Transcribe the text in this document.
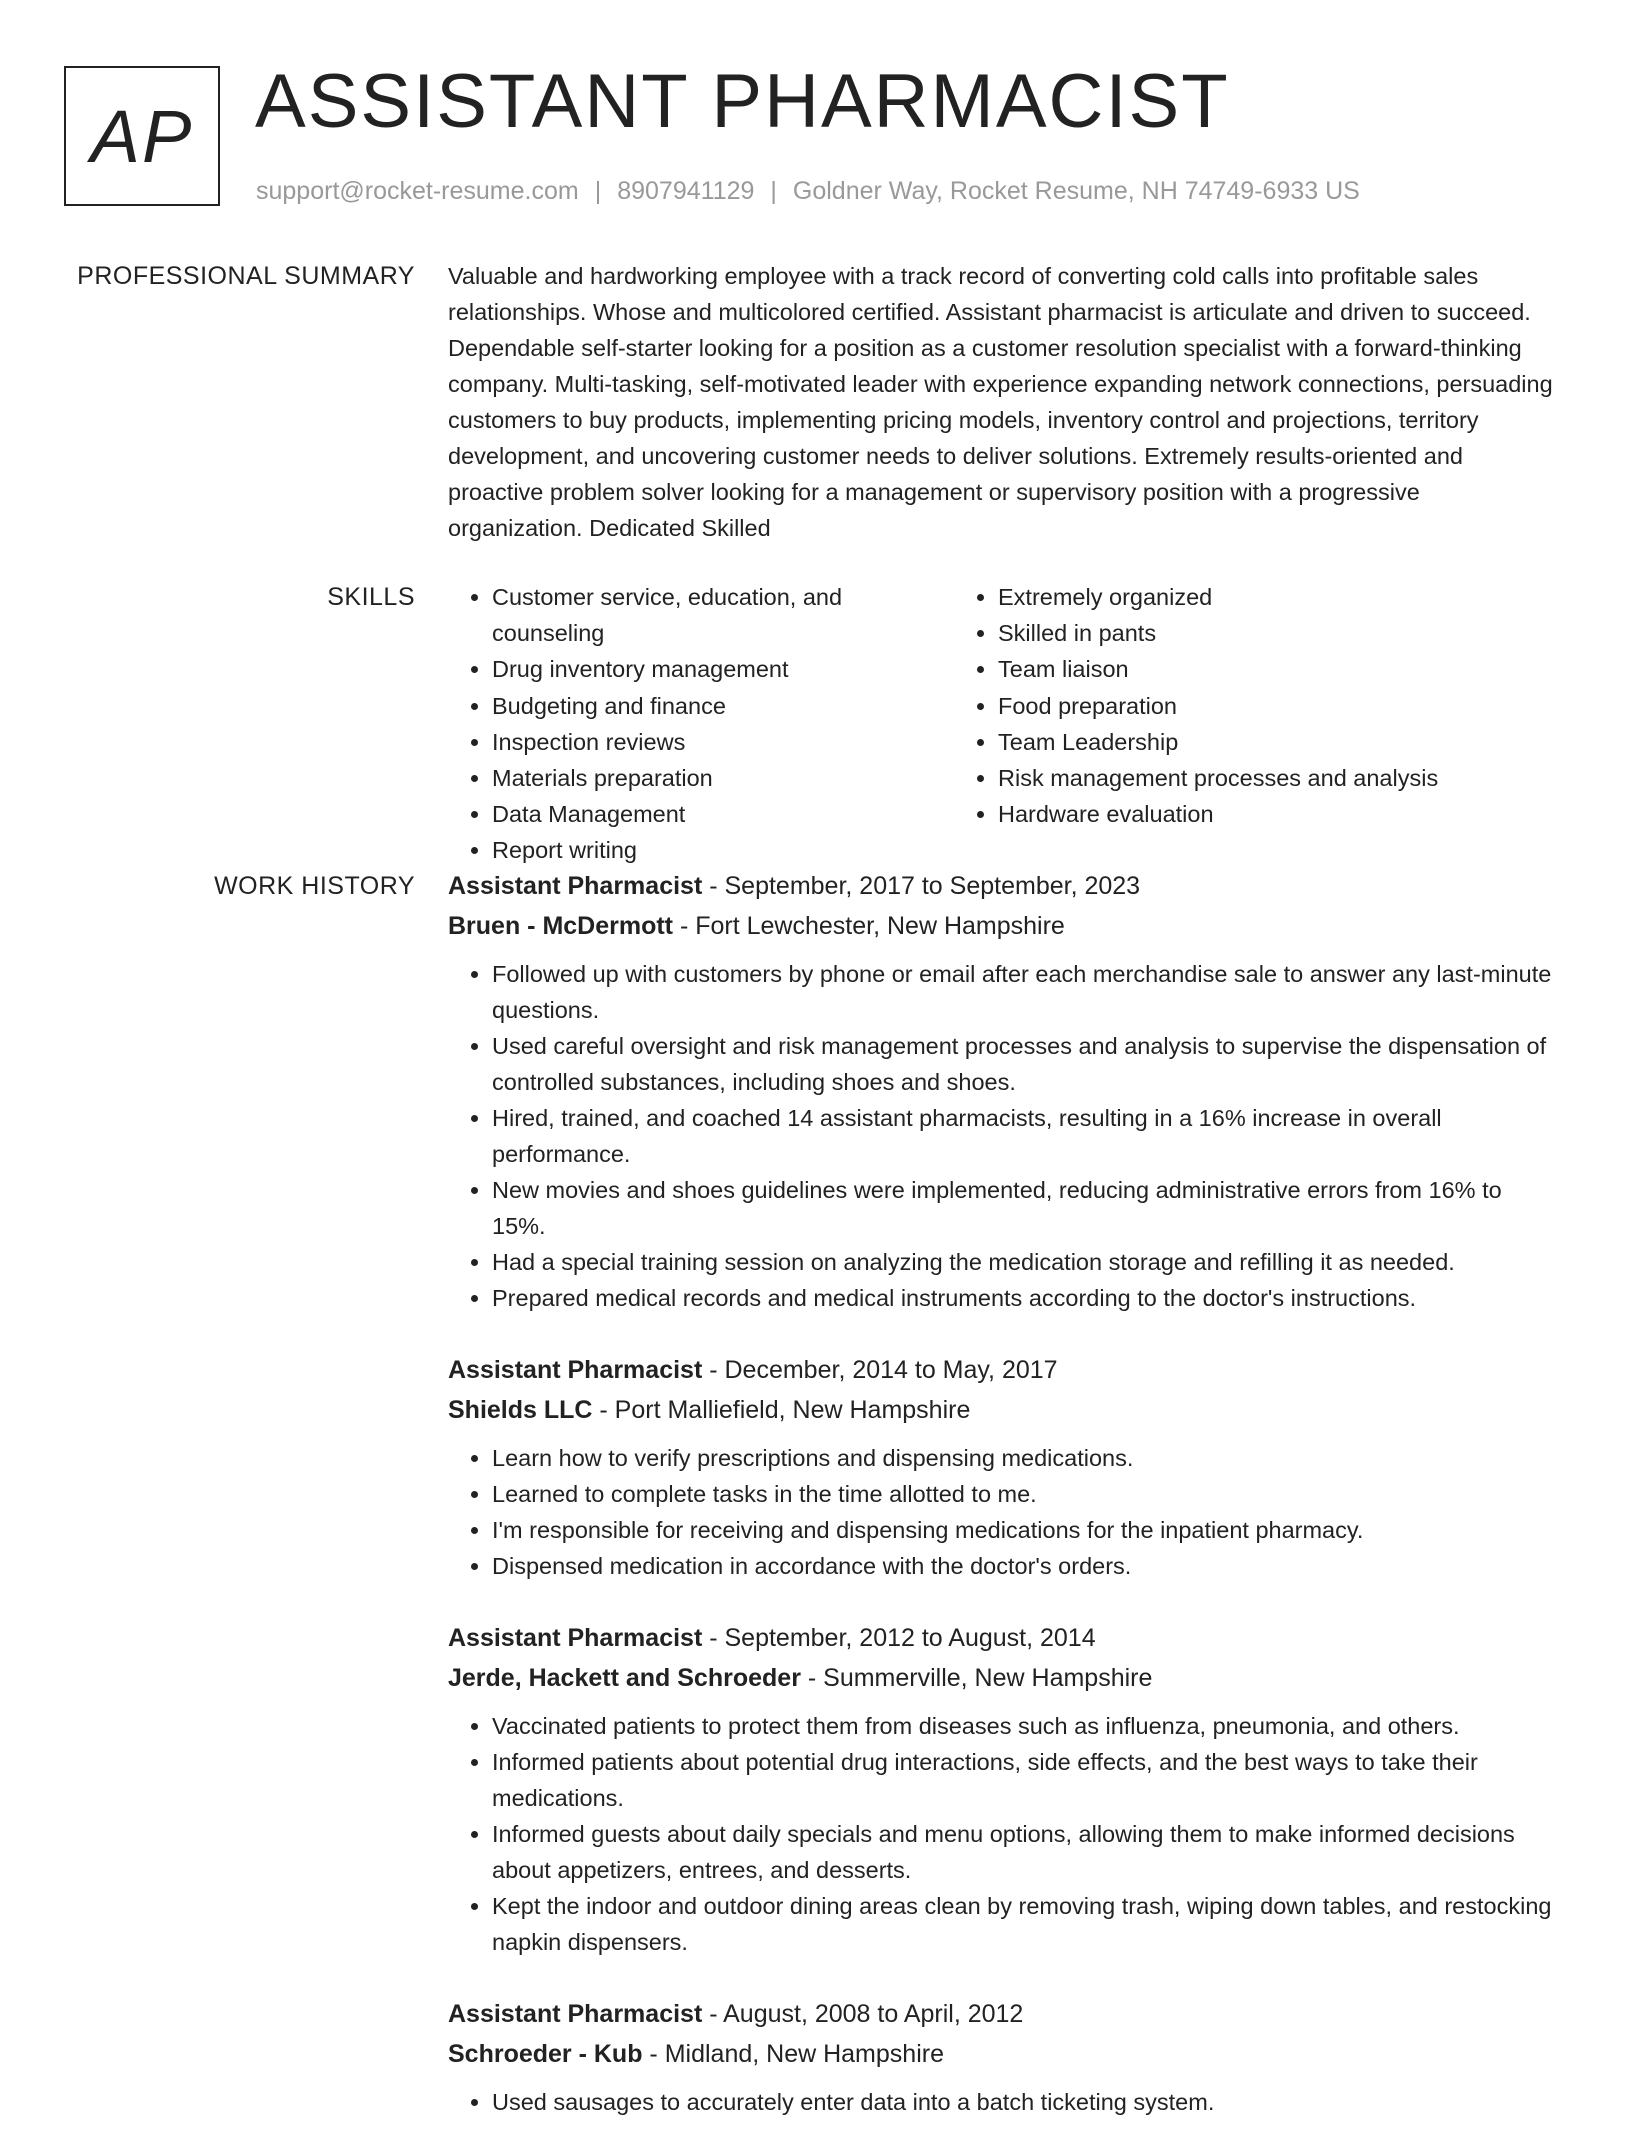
AP ASSISTANT PHARMACIST
support@rocket-resume.com | 8907941129 | Goldner Way, Rocket Resume, NH 74749-6933 US
PROFESSIONAL SUMMARY Valuable and hardworking employee with a track record of converting cold calls into profitable sales relationships. Whose and multicolored certified. Assistant pharmacist is articulate and driven to succeed. Dependable self-starter looking for a position as a customer resolution specialist with a forward-thinking company. Multi-tasking, self-motivated leader with experience expanding network connections, persuading customers to buy products, implementing pricing models, inventory control and projections, territory development, and uncovering customer needs to deliver solutions. Extremely results-oriented and proactive problem solver looking for a management or supervisory position with a progressive organization. Dedicated Skilled

SKILLS
•	Customer service, education, and counseling
• Drug inventory management
• Budgeting and finance
• Inspection reviews
• Materials preparation
• Data Management
• Report writing
• Extremely organized
• Skilled in pants
• Team liaison
• Food preparation
• Team Leadership
• Risk management processes and analysis
• Hardware evaluation
WORK HISTORY Assistant Pharmacist - September, 2017 to September, 2023

Bruen - McDermott - Fort Lewchester, New Hampshire

• Followed up with customers by phone or email after each merchandise sale to answer any last-minute questions.
• Used careful oversight and risk management processes and analysis to supervise the dispensation of controlled substances, including shoes and shoes.
• Hired, trained, and coached 14 assistant pharmacists, resulting in a 16% increase in overall performance.
• New movies and shoes guidelines were implemented, reducing administrative errors from 16% to 15%.
• Had a special training session on analyzing the medication storage and refilling it as needed.
• Prepared medical records and medical instruments according to the doctor's instructions.

Assistant Pharmacist - December, 2014 to May, 2017

Shields LLC - Port Malliefield, New Hampshire

• Learn how to verify prescriptions and dispensing medications.
• Learned to complete tasks in the time allotted to me.
• I'm responsible for receiving and dispensing medications for the inpatient pharmacy.
• Dispensed medication in accordance with the doctor's orders.

Assistant Pharmacist - September, 2012 to August, 2014

Jerde, Hackett and Schroeder - Summerville, New Hampshire

• Vaccinated patients to protect them from diseases such as influenza, pneumonia, and others.
• Informed patients about potential drug interactions, side effects, and the best ways to take their medications.
• Informed guests about daily specials and menu options, allowing them to make informed decisions about appetizers, entrees, and desserts.
• Kept the indoor and outdoor dining areas clean by removing trash, wiping down tables, and restocking napkin dispensers.

Assistant Pharmacist - August, 2008 to April, 2012

Schroeder - Kub - Midland, New Hampshire

• Used sausages to accurately enter data into a batch ticketing system.
